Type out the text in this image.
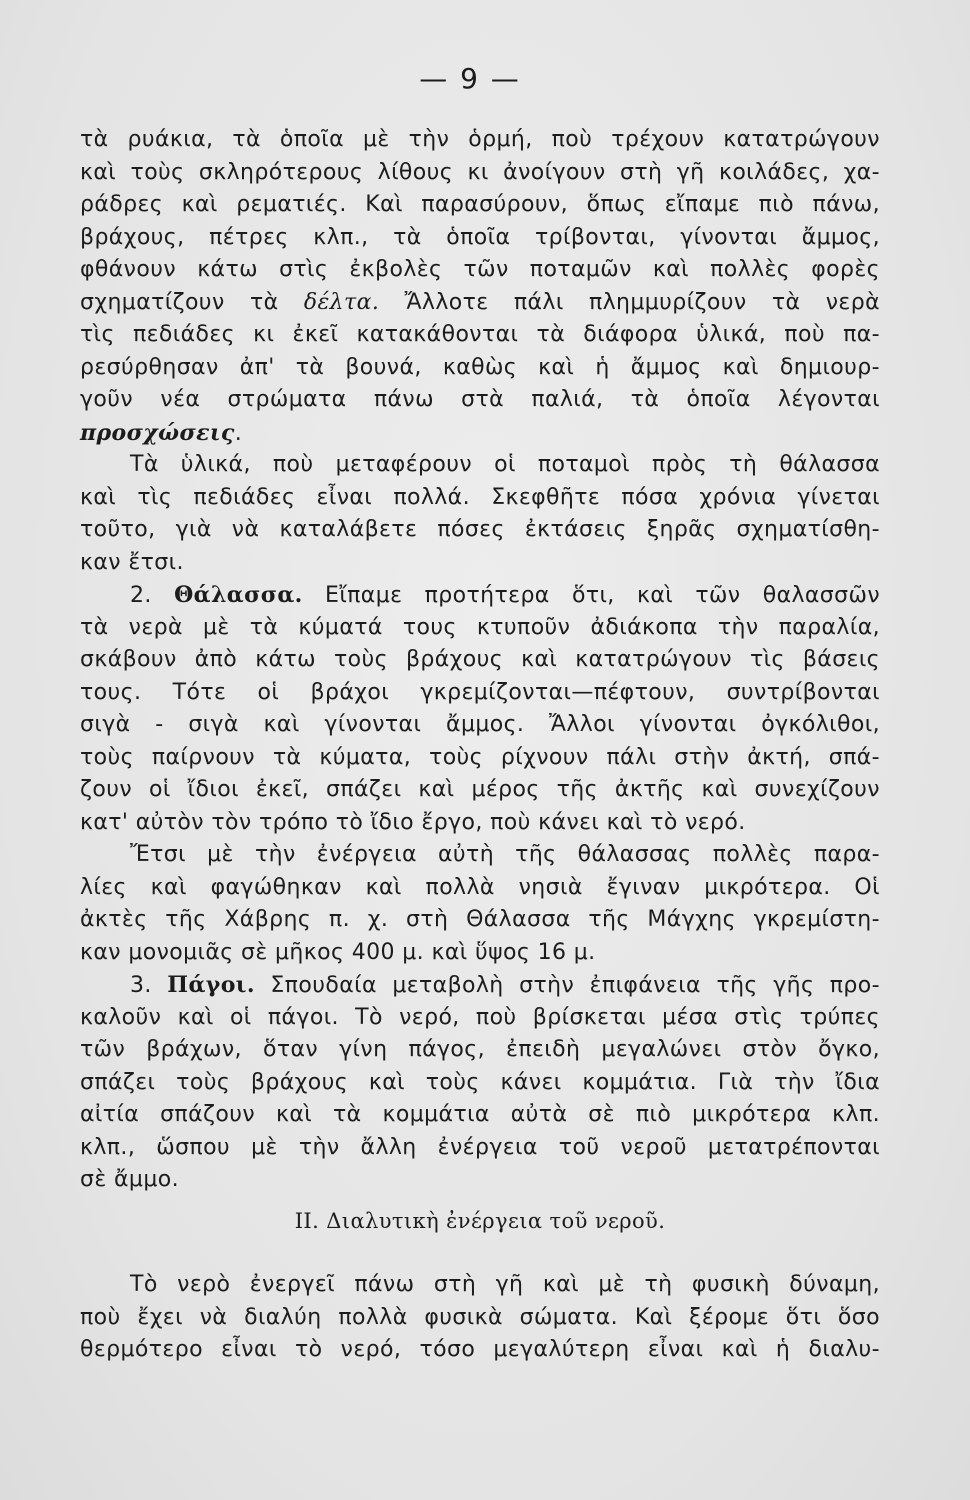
— 9 —
τὰ ρυάκια, τὰ ὁποῖα μὲ τὴν ὁρμή, ποὺ τρέχουν κατατρώγουν
καὶ τοὺς σκληρότερους λίθους κι ἀνοίγουν στὴ γῆ κοιλάδες, χα-
ράδρες καὶ ρεματιές. Καὶ παρασύρουν, ὅπως εἴπαμε πιὸ πάνω,
βράχους, πέτρες κλπ., τὰ ὁποῖα τρίβονται, γίνονται ἄμμος,
φθάνουν κάτω στὶς ἐκβολὲς τῶν ποταμῶν καὶ πολλὲς φορὲς
σχηματίζουν τὰ δέλτα. Ἄλλοτε πάλι πλημμυρίζουν τὰ νερὰ
τὶς πεδιάδες κι ἐκεῖ κατακάθονται τὰ διάφορα ὑλικά, ποὺ πα-
ρεσύρθησαν ἀπ' τὰ βουνά, καθὼς καὶ ἡ ἄμμος καὶ δημιουρ-
γοῦν νέα στρώματα πάνω στὰ παλιά, τὰ ὁποῖα λέγονται
προσχώσεις.
Τὰ ὑλικά, ποὺ μεταφέρουν οἱ ποταμοὶ πρὸς τὴ θάλασσα
καὶ τὶς πεδιάδες εἶναι πολλά. Σκεφθῆτε πόσα χρόνια γίνεται
τοῦτο, γιὰ νὰ καταλάβετε πόσες ἐκτάσεις ξηρᾶς σχηματίσθη-
καν ἔτσι.
2. Θάλασσα. Εἴπαμε προτήτερα ὅτι, καὶ τῶν θαλασσῶν
τὰ νερὰ μὲ τὰ κύματά τους κτυποῦν ἀδιάκοπα τὴν παραλία,
σκάβουν ἀπὸ κάτω τοὺς βράχους καὶ κατατρώγουν τὶς βάσεις
τους. Τότε οἱ βράχοι γκρεμίζονται—πέφτουν, συντρίβονται
σιγὰ - σιγὰ καὶ γίνονται ἄμμος. Ἄλλοι γίνονται ὀγκόλιθοι,
τοὺς παίρνουν τὰ κύματα, τοὺς ρίχνουν πάλι στὴν ἀκτή, σπά-
ζουν οἱ ἴδιοι ἐκεῖ, σπάζει καὶ μέρος τῆς ἀκτῆς καὶ συνεχίζουν
κατ' αὐτὸν τὸν τρόπο τὸ ἴδιο ἔργο, ποὺ κάνει καὶ τὸ νερό.
Ἔτσι μὲ τὴν ἐνέργεια αὐτὴ τῆς θάλασσας πολλὲς παρα-
λίες καὶ φαγώθηκαν καὶ πολλὰ νησιὰ ἔγιναν μικρότερα. Οἱ
ἀκτὲς τῆς Χάβρης π. χ. στὴ Θάλασσα τῆς Μάγχης γκρεμίστη-
καν μονομιᾶς σὲ μῆκος 400 μ. καὶ ὕψος 16 μ.
3. Πάγοι. Σπουδαία μεταβολὴ στὴν ἐπιφάνεια τῆς γῆς προ-
καλοῦν καὶ οἱ πάγοι. Τὸ νερό, ποὺ βρίσκεται μέσα στὶς τρύπες
τῶν βράχων, ὅταν γίνη πάγος, ἐπειδὴ μεγαλώνει στὸν ὄγκο,
σπάζει τοὺς βράχους καὶ τοὺς κάνει κομμάτια. Γιὰ τὴν ἴδια
αἰτία σπάζουν καὶ τὰ κομμάτια αὐτὰ σὲ πιὸ μικρότερα κλπ.
κλπ., ὥσπου μὲ τὴν ἄλλη ἐνέργεια τοῦ νεροῦ μετατρέπονται
σὲ ἄμμο.
ΙΙ. Διαλυτικὴ ἐνέργεια τοῦ νεροῦ.
Τὸ νερὸ ἐνεργεῖ πάνω στὴ γῆ καὶ μὲ τὴ φυσικὴ δύναμη,
ποὺ ἔχει νὰ διαλύη πολλὰ φυσικὰ σώματα. Καὶ ξέρομε ὅτι ὅσο
θερμότερο εἶναι τὸ νερό, τόσο μεγαλύτερη εἶναι καὶ ἡ διαλυ-
